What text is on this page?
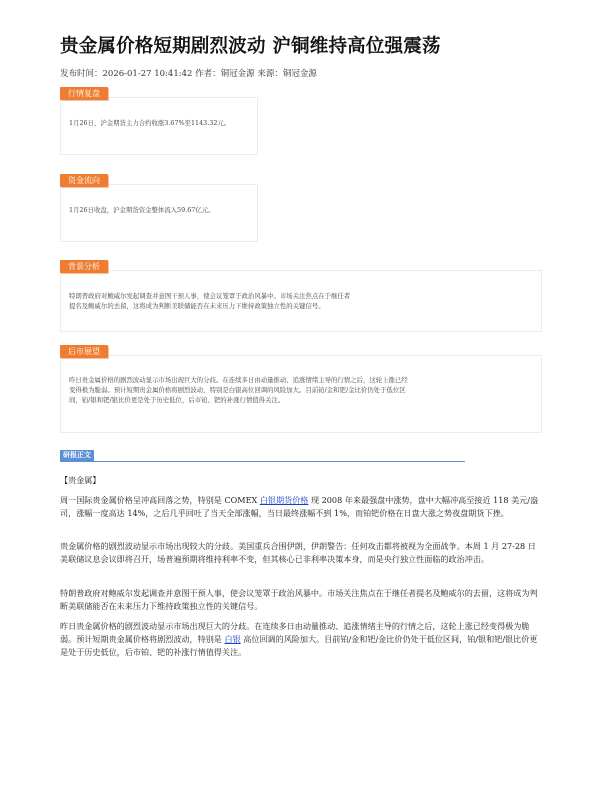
贵金属价格短期剧烈波动 沪铜维持高位强震荡
发布时间：2026-01-27 10:41:42 作者：铜冠金源 来源：铜冠金源
行情复盘
1月26日，沪金期货主力合约收涨3.67%至1143.32元。
资金流向
1月26日收盘，沪金期货资金整体流入59.67亿元。
背景分析
特朗普政府对鲍威尔发起调查并意图干预人事，使会议笼罩于政治风暴中。市场关注焦点在于继任者提名及鲍威尔的去留，这将成为判断美联储能否在未来压力下维持政策独立性的关键信号。
后市展望
昨日贵金属价格的剧烈波动显示市场出现巨大的分歧。在连续多日由动量推动、追涨情绪主导的行情之后，这轮上涨已经变得极为脆弱。预计短期贵金属价格将剧烈波动，特别是白银高位回调的风险加大。目前铂/金和钯/金比价仍处于低位区间，铂/银和钯/银比价更是处于历史低位，后市铂、钯的补涨行情值得关注。
研报正文
【贵金属】
周一国际贵金属价格呈冲高回落之势，特别是 COMEX 白银期货价格 现 2008 年来最强盘中涨势，盘中大幅冲高至接近 118 美元/盎司，涨幅一度高达 14%，之后几乎回吐了当天全部涨幅，当日最终涨幅不到 1%，而铂钯价格在日盘大涨之势夜盘期货下挫。
贵金属价格的剧烈波动显示市场出现较大的分歧。美国重兵合围伊朗，伊朗警告：任何攻击都将被视为全面战争。本周 1 月 27-28 日美联储议息会议即将召开，场普遍预期将维持利率不变，但其核心已非利率决策本身，而是央行独立性面临的政治冲击。
特朗普政府对鲍威尔发起调查并意图干预人事，使会议笼罩于政治风暴中。市场关注焦点在于继任者提名及鲍威尔的去留，这将成为判断美联储能否在未来压力下维持政策独立性的关键信号。
昨日贵金属价格的剧烈波动显示市场出现巨大的分歧。在连续多日由动量推动、追涨情绪主导的行情之后，这轮上涨已经变得极为脆弱。预计短期贵金属价格将剧烈波动，特别是 白银 高位回调的风险加大。目前铂/金和钯/金比价仍处于低位区间，铂/银和钯/银比价更是处于历史低位，后市铂、钯的补涨行情值得关注。
